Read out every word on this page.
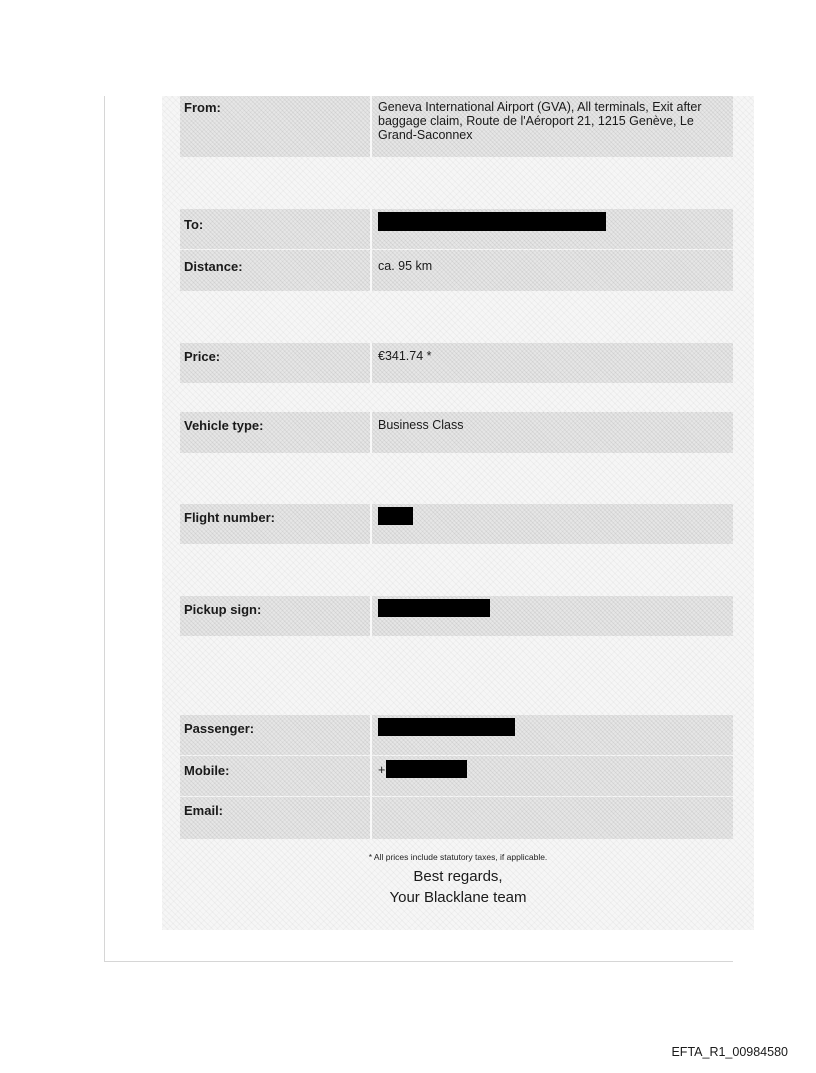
From:	Geneva International Airport (GVA), All terminals, Exit after baggage claim, Route de l'Aéroport 21, 1215 Genève, Le Grand-Saconnex
To:
Distance:	ca. 95 km
Price:	€341.74 *
Vehicle type:	Business Class
Flight number:
Pickup sign:
Passenger:
Mobile:	+
Email:
* All prices include statutory taxes, if applicable.
Best regards,
Your Blacklane team
EFTA_R1_00984580
